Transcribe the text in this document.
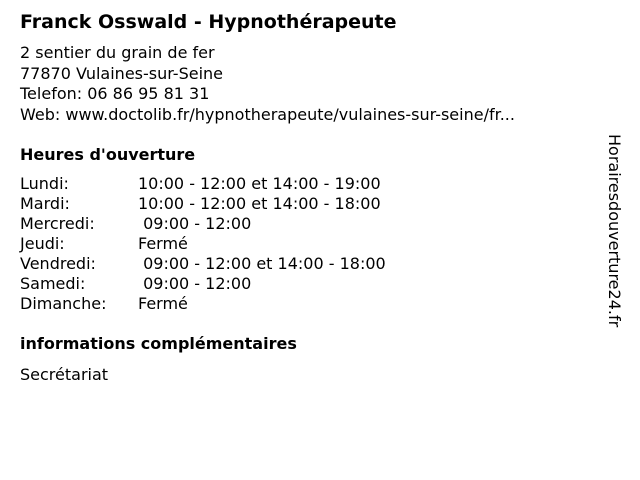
Franck Osswald - Hypnothérapeute
2 sentier du grain de fer
77870 Vulaines-sur-Seine
Telefon: 06 86 95 81 31
Web: www.doctolib.fr/hypnotherapeute/vulaines-sur-seine/fr...
Heures d'ouverture
Lundi:	10:00 - 12:00 et 14:00 - 19:00
Mardi:	10:00 - 12:00 et 14:00 - 18:00
Mercredi:	09:00 - 12:00
Jeudi:	Fermé
Vendredi:	09:00 - 12:00 et 14:00 - 18:00
Samedi:	09:00 - 12:00
Dimanche: Fermé
informations complémentaires
Secrétariat
Horairesdouverture24.fr
